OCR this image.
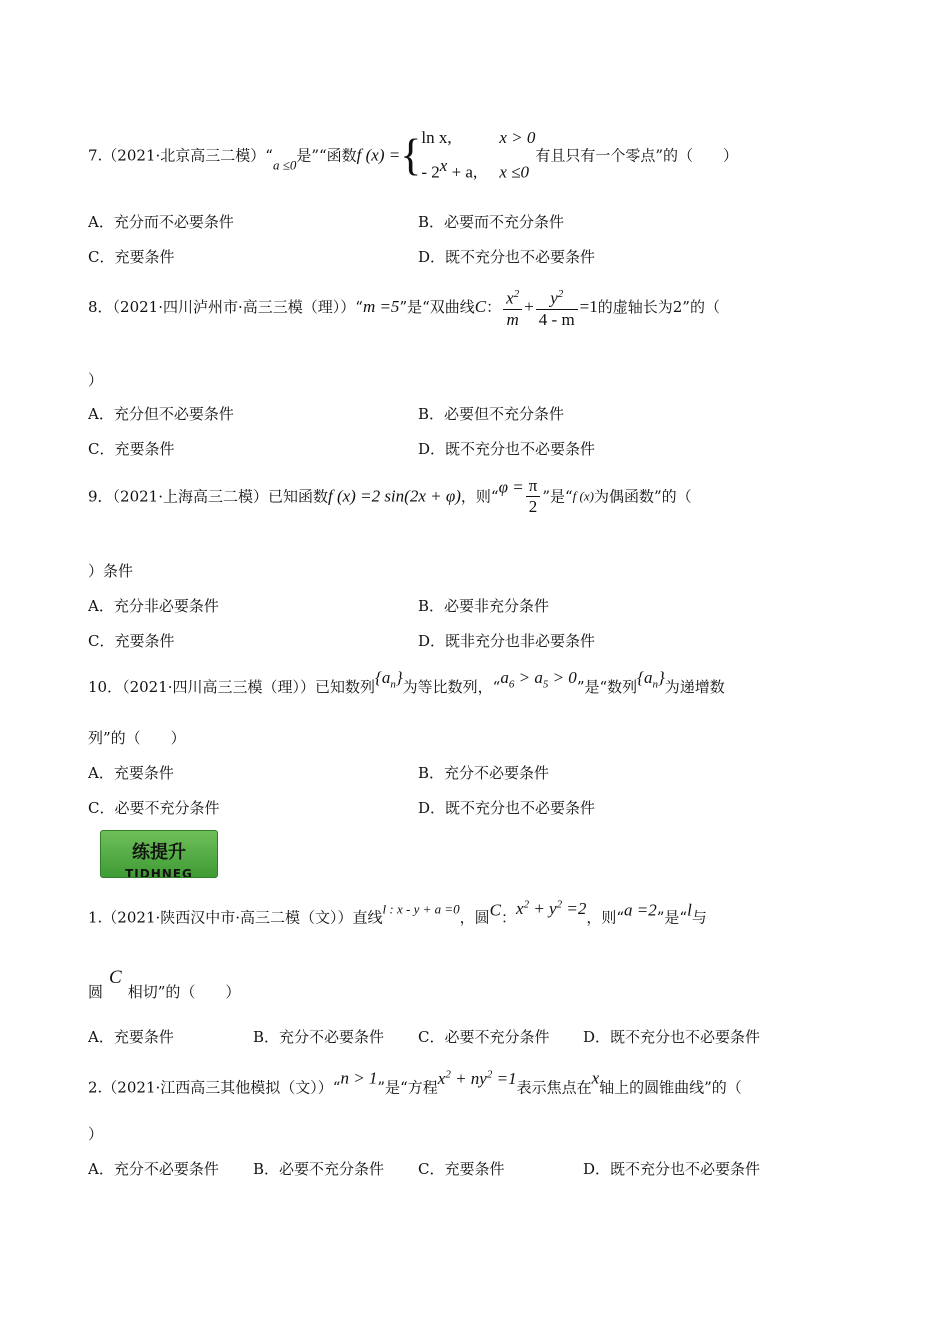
7.（2021·北京高三二模）“a ≤0是”“函数f (x) ={ ln x,	x > 0
- $2^x + a$, x ≤0
有且只有一个零点”的（　　）
A．充分而不必要条件	B．必要而不充分条件
C．充要条件	D．既不充分也不必要条件
8．（2021·四川泸州市·高三三模（理））“m =5”是“双曲线C： $\frac{x^2}{m} + \frac{y^2}{4 - m} =1$的虚轴长为2”的（
）
A．充分但不必要条件	B．必要但不充分条件
C．充要条件	D．既不充分也不必要条件
9．（2021·上海高三二模）已知函数f (x) =2 sin(2x + φ)，则“$\varphi = \frac{\pi}{2}$ ”是“f (x)为偶函数”的（
）条件
A．充分非必要条件	B．必要非充分条件
C．充要条件	D．既非充分也非必要条件
10．（2021·四川高三三模（理））已知数列$\{a_n\}$为等比数列，“$a_6 > a_5 > 0$”是“数列$\{a_n\}$为递增数
列”的（　　）
A．充要条件	B．充分不必要条件
C．必要不充分条件	D．既不充分也不必要条件
练提升
TIDHNEG
1.（2021·陕西汉中市·高三二模（文））直线l : x - y + a =0，圆C：$x^2 + y^2 =2$，则“a =2”是“l与
圆C相切”的（　　）
A．充要条件	B．充分不必要条件 C．必要不充分条件 D．既不充分也不必要条件
2.（2021·江西高三其他模拟（文））“n > 1”是“方程$x^2 + ny^2 =1$表示焦点在x轴上的圆锥曲线”的（
）
A．充分不必要条件 B．必要不充分条件 C．充要条件	D．既不充分也不必要条件
